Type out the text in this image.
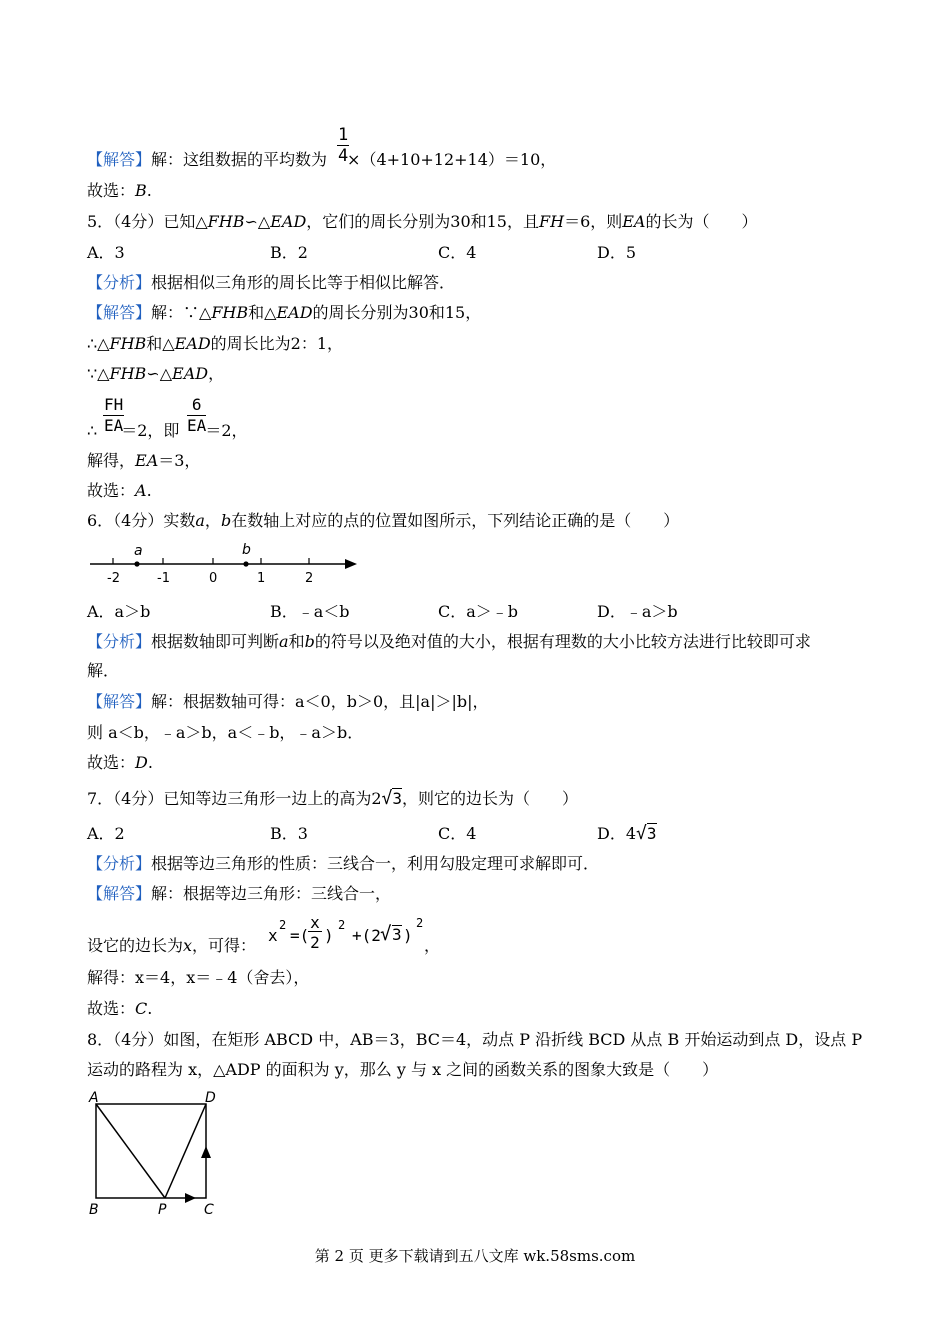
$\frac{1}{4}$
【解答】解：这组数据的平均数为 ×（4+10+12+14）＝10，
故选：B.
5．（4分）已知△FHB∽△EAD，它们的周长分别为30和15，且FH＝6，则EA的长为（　　）
A．3	B．2	C．4	D．5
【分析】根据相似三角形的周长比等于相似比解答．
【解答】解：∵△FHB和△EAD的周长分别为30和15，
∴△FHB和△EAD的周长比为2：1，
∵△FHB∽△EAD，
$\frac{FH}{EA}$	$\frac{6}{EA}$
∴ ＝2，即 ＝2，
解得，EA＝3，
故选：A.
6．（4分）实数a，b在数轴上对应的点的位置如图所示，下列结论正确的是（　　）
a	b
-2	-1	0	1	2
A．a＞b	B．﹣a＜b	C．a＞﹣b	D．﹣a＞b
【分析】根据数轴即可判断a和b的符号以及绝对值的大小，根据有理数的大小比较方法进行比较即可求
解．
【解答】解：根据数轴可得：a＜0，b＞0，且|a|＞|b|，
则 a＜b，﹣a＞b，a＜﹣b，﹣a＞b．
故选：D.
7．（4分）已知等边三角形一边上的高为2√3，则它的边长为（　　）
A．2	B．3	C．4	D．4√3
【分析】根据等边三角形的性质：三线合一，利用勾股定理可求解即可．
【解答】解：根据等边三角形：三线合一，
设它的边长为x，可得：
x
2
=(
x
2 )
2
+(2 √ 3 )
2
，
解得：x＝4，x＝﹣4（舍去），
故选：C.
8．（4分）如图，在矩形 ABCD 中，AB＝3，BC＝4，动点 P 沿折线 BCD 从点 B 开始运动到点 D，设点 P
运动的路程为 x，△ADP 的面积为 y，那么 y 与 x 之间的函数关系的图象大致是（　　）
A	D
B	P	C
第 2 页 更多下载请到五八文库 wk.58sms.com
